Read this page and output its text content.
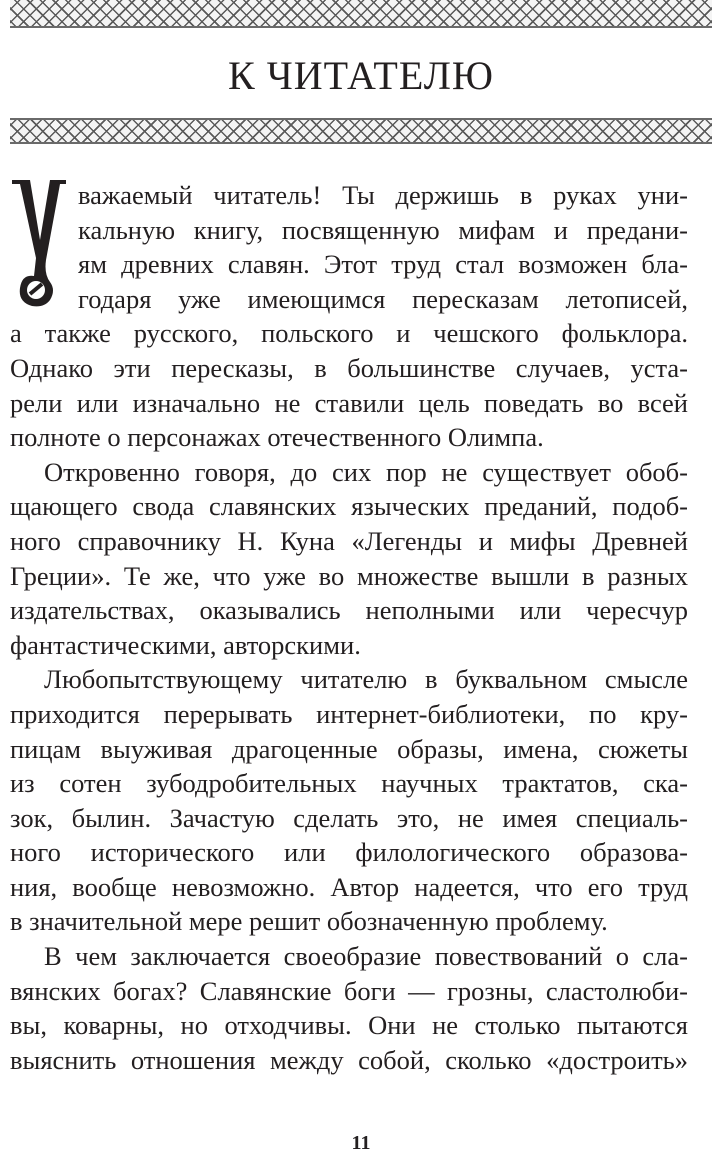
К ЧИТАТЕЛЮ
важаемый читатель! Ты держишь в руках уни-
кальную книгу, посвященную мифам и предани-
ям древних славян. Этот труд стал возможен бла-
годаря уже имеющимся пересказам летописей,
а также русского, польского и чешского фольклора.
Однако эти пересказы, в большинстве случаев, уста-
рели или изначально не ставили цель поведать во всей
полноте о персонажах отечественного Олимпа.
Откровенно говоря, до сих пор не существует обоб-
щающего свода славянских языческих преданий, подоб-
ного справочнику Н. Куна «Легенды и мифы Древней
Греции». Те же, что уже во множестве вышли в разных
издательствах, оказывались неполными или чересчур
фантастическими, авторскими.
Любопытствующему читателю в буквальном смысле
приходится перерывать интернет-библиотеки, по кру-
пицам выуживая драгоценные образы, имена, сюжеты
из сотен зубодробительных научных трактатов, ска-
зок, былин. Зачастую сделать это, не имея специаль-
ного исторического или филологического образова-
ния, вообще невозможно. Автор надеется, что его труд
в значительной мере решит обозначенную проблему.
В чем заключается своеобразие повествований о сла-
вянских богах? Славянские боги — грозны, сластолюби-
вы, коварны, но отходчивы. Они не столько пытаются
выяснить отношения между собой, сколько «достроить»
11
